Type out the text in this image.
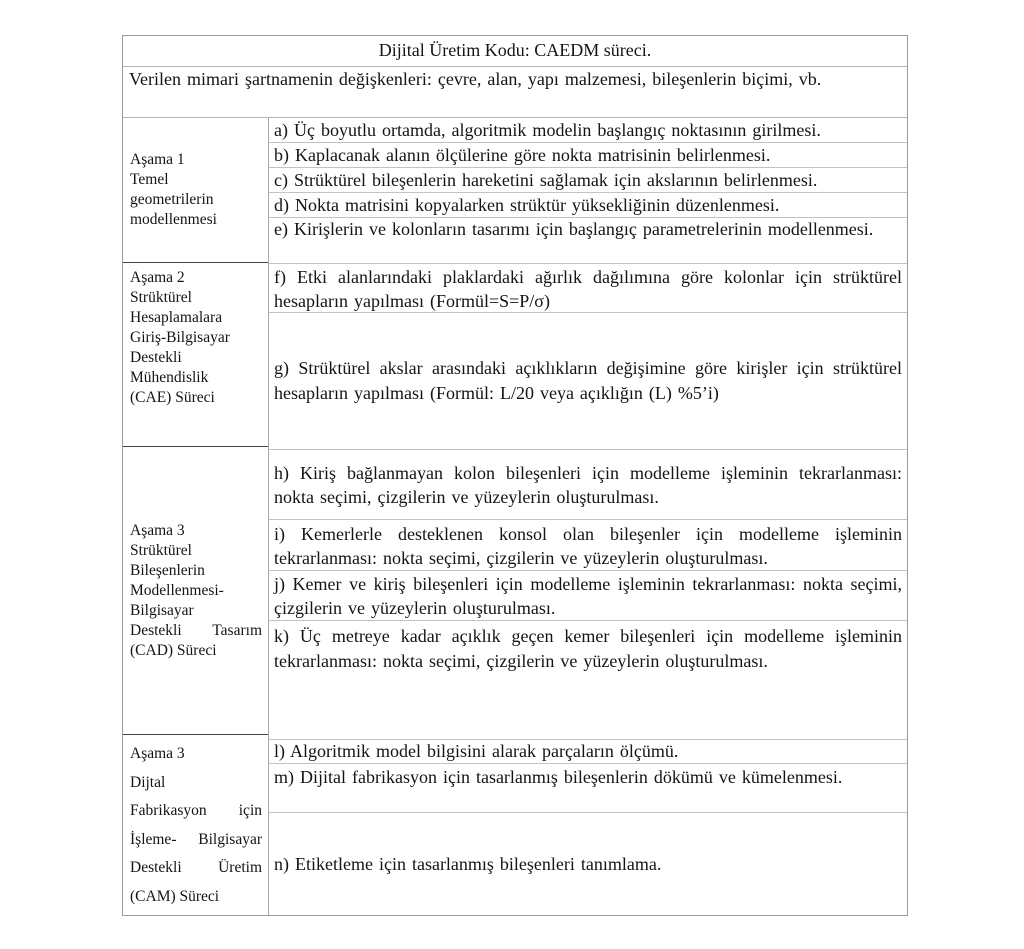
Dijital Üretim Kodu: CAEDM süreci.
Verilen mimari şartnamenin değişkenleri: çevre, alan, yapı malzemesi, bileşenlerin biçimi, vb.
Aşama 1
Temel
geometrilerin
modellenmesi
Aşama 2
Strüktürel
Hesaplamalara
Giriş-Bilgisayar
Destekli
Mühendislik
(CAE) Süreci
Aşama 3
Strüktürel
Bileşenlerin
Modellenmesi-
Bilgisayar
Destekli Tasarım
(CAD) Süreci
Aşama 3
Dijtal
Fabrikasyon için
İşleme- Bilgisayar
Destekli Üretim
(CAM) Süreci
a) Üç boyutlu ortamda, algoritmik modelin başlangıç noktasının girilmesi.
b) Kaplacanak alanın ölçülerine göre nokta matrisinin belirlenmesi.
c) Strüktürel bileşenlerin hareketini sağlamak için akslarının belirlenmesi.
d) Nokta matrisini kopyalarken strüktür yüksekliğinin düzenlenmesi.
e) Kirişlerin ve kolonların tasarımı için başlangıç parametrelerinin modellenmesi.
f) Etki alanlarındaki plaklardaki ağırlık dağılımına göre kolonlar için strüktürel hesapların yapılması (Formül=S=P/σ)
g) Strüktürel akslar arasındaki açıklıkların değişimine göre kirişler için strüktürel hesapların yapılması (Formül: L/20 veya açıklığın (L) %5’i)
h) Kiriş bağlanmayan kolon bileşenleri için modelleme işleminin tekrarlanması: nokta seçimi, çizgilerin ve yüzeylerin oluşturulması.
i) Kemerlerle desteklenen konsol olan bileşenler için modelleme işleminin tekrarlanması: nokta seçimi, çizgilerin ve yüzeylerin oluşturulması.
j) Kemer ve kiriş bileşenleri için modelleme işleminin tekrarlanması: nokta seçimi, çizgilerin ve yüzeylerin oluşturulması.
k) Üç metreye kadar açıklık geçen kemer bileşenleri için modelleme işleminin tekrarlanması: nokta seçimi, çizgilerin ve yüzeylerin oluşturulması.
l) Algoritmik model bilgisini alarak parçaların ölçümü.
m) Dijital fabrikasyon için tasarlanmış bileşenlerin dökümü ve kümelenmesi.
n) Etiketleme için tasarlanmış bileşenleri tanımlama.
